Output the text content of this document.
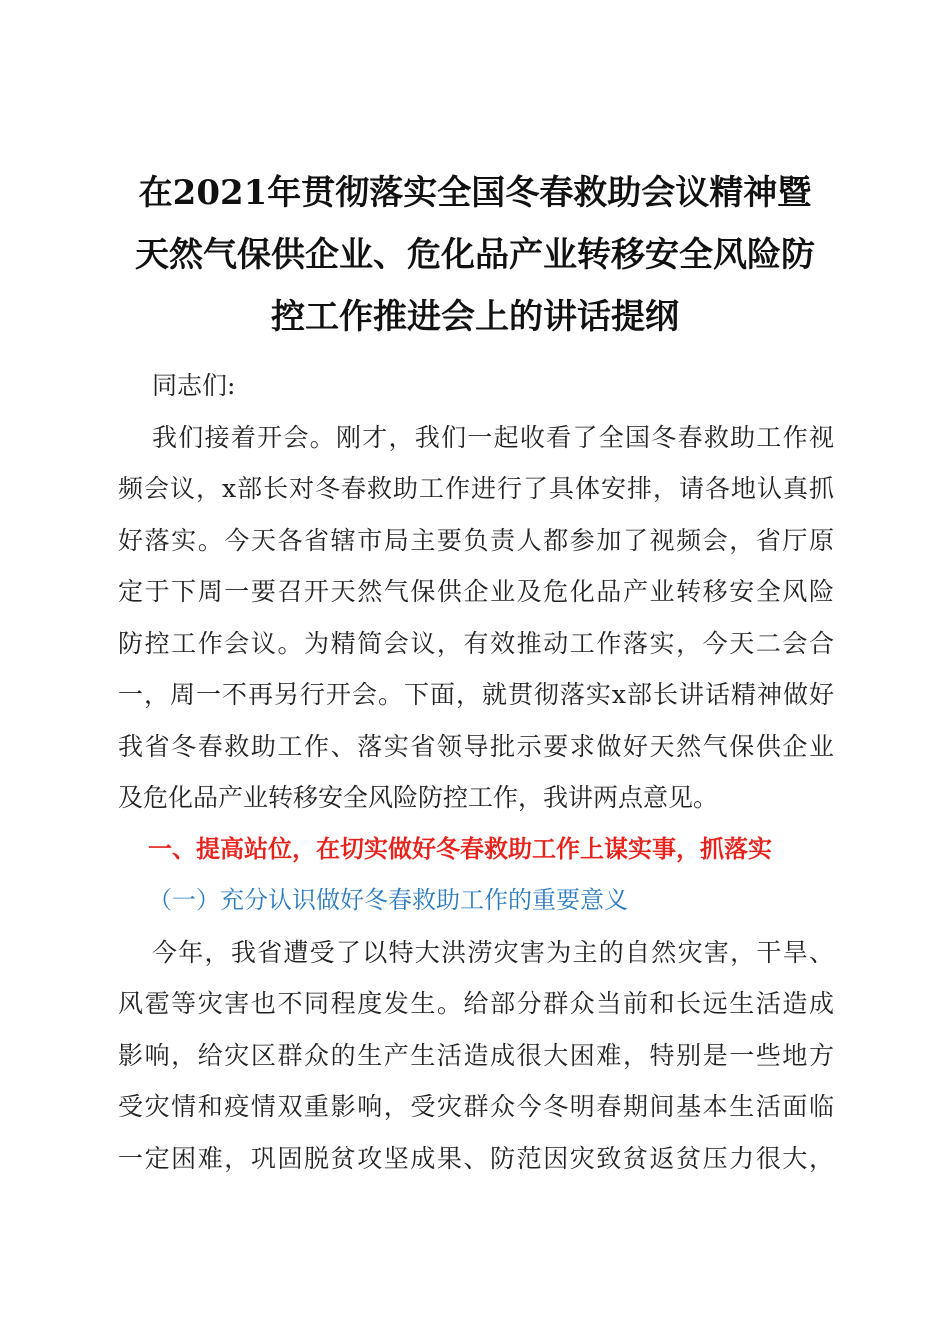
在2021年贯彻落实全国冬春救助会议精神暨
天然气保供企业、危化品产业转移安全风险防
控工作推进会上的讲话提纲
同志们:
我们接着开会。刚才，我们一起收看了全国冬春救助工作视
频会议，x部长对冬春救助工作进行了具体安排，请各地认真抓
好落实。今天各省辖市局主要负责人都参加了视频会，省厅原
定于下周一要召开天然气保供企业及危化品产业转移安全风险
防控工作会议。为精简会议，有效推动工作落实，今天二会合
一，周一不再另行开会。下面，就贯彻落实x部长讲话精神做好
我省冬春救助工作、落实省领导批示要求做好天然气保供企业
及危化品产业转移安全风险防控工作，我讲两点意见。
一、提高站位，在切实做好冬春救助工作上谋实事，抓落实
（一）充分认识做好冬春救助工作的重要意义
今年，我省遭受了以特大洪涝灾害为主的自然灾害，干旱、
风雹等灾害也不同程度发生。给部分群众当前和长远生活造成
影响，给灾区群众的生产生活造成很大困难，特别是一些地方
受灾情和疫情双重影响，受灾群众今冬明春期间基本生活面临
一定困难，巩固脱贫攻坚成果、防范因灾致贫返贫压力很大，
